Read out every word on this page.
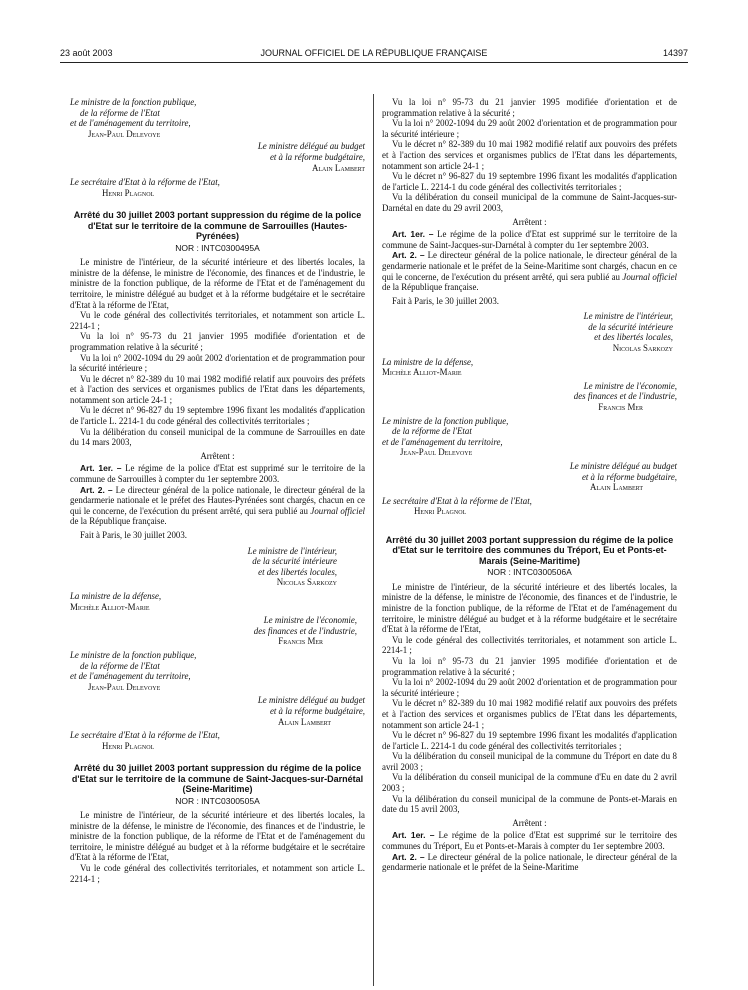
23 août 2003	JOURNAL OFFICIEL DE LA RÉPUBLIQUE FRANÇAISE	14397
Le ministre de la fonction publique,
de la réforme de l'Etat
et de l'aménagement du territoire,
Jean-Paul Delevoye
Le ministre délégué au budget
et à la réforme budgétaire,
Alain Lambert
Le secrétaire d'Etat à la réforme de l'Etat,
Henri Plagnol
Arrêté du 30 juillet 2003 portant suppression du régime de la police d'Etat sur le territoire de la commune de Sarrouilles (Hautes-Pyrénées)
NOR : INTC0300495A

Le ministre de l'intérieur, de la sécurité intérieure et des libertés locales, la ministre de la défense, le ministre de l'économie, des finances et de l'industrie, le ministre de la fonction publique, de la réforme de l'Etat et de l'aménagement du territoire, le ministre délégué au budget et à la réforme budgétaire et le secrétaire d'Etat à la réforme de l'Etat,

Vu le code général des collectivités territoriales, et notamment son article L. 2214-1 ;

Vu la loi n° 95-73 du 21 janvier 1995 modifiée d'orientation et de programmation relative à la sécurité ;

Vu la loi n° 2002-1094 du 29 août 2002 d'orientation et de programmation pour la sécurité intérieure ;

Vu le décret n° 82-389 du 10 mai 1982 modifié relatif aux pouvoirs des préfets et à l'action des services et organismes publics de l'Etat dans les départements, notamment son article 24-1 ;

Vu le décret n° 96-827 du 19 septembre 1996 fixant les modalités d'application de l'article L. 2214-1 du code général des collectivités territoriales ;

Vu la délibération du conseil municipal de la commune de Sarrouilles en date du 14 mars 2003,

Arrêtent :

Art. 1er. – Le régime de la police d'Etat est supprimé sur le territoire de la commune de Sarrouilles à compter du 1er septembre 2003.

Art. 2. – Le directeur général de la police nationale, le directeur général de la gendarmerie nationale et le préfet des Hautes-Pyrénées sont chargés, chacun en ce qui le concerne, de l'exécution du présent arrêté, qui sera publié au Journal officiel de la République française.

Fait à Paris, le 30 juillet 2003.

Le ministre de l'intérieur,
de la sécurité intérieure
et des libertés locales,
Nicolas Sarkozy
La ministre de la défense,
Michèle Alliot-Marie
Le ministre de l'économie,
des finances et de l'industrie,
Francis Mer
Le ministre de la fonction publique,
de la réforme de l'Etat
et de l'aménagement du territoire,
Jean-Paul Delevoye
Le ministre délégué au budget
et à la réforme budgétaire,
Alain Lambert
Le secrétaire d'Etat à la réforme de l'Etat,
Henri Plagnol
Arrêté du 30 juillet 2003 portant suppression du régime de la police d'Etat sur le territoire de la commune de Saint-Jacques-sur-Darnétal (Seine-Maritime)
NOR : INTC0300505A

Le ministre de l'intérieur, de la sécurité intérieure et des libertés locales, la ministre de la défense, le ministre de l'économie, des finances et de l'industrie, le ministre de la fonction publique, de la réforme de l'Etat et de l'aménagement du territoire, le ministre délégué au budget et à la réforme budgétaire et le secrétaire d'Etat à la réforme de l'Etat,

Vu le code général des collectivités territoriales, et notamment son article L. 2214-1 ;

Vu la loi n° 95-73 du 21 janvier 1995 modifiée d'orientation et de programmation relative à la sécurité ;

Vu la loi n° 2002-1094 du 29 août 2002 d'orientation et de programmation pour la sécurité intérieure ;

Vu le décret n° 82-389 du 10 mai 1982 modifié relatif aux pouvoirs des préfets et à l'action des services et organismes publics de l'Etat dans les départements, notamment son article 24-1 ;

Vu le décret n° 96-827 du 19 septembre 1996 fixant les modalités d'application de l'article L. 2214-1 du code général des collectivités territoriales ;

Vu la délibération du conseil municipal de la commune de Saint-Jacques-sur-Darnétal en date du 29 avril 2003,

Arrêtent :

Art. 1er. – Le régime de la police d'Etat est supprimé sur le territoire de la commune de Saint-Jacques-sur-Darnétal à compter du 1er septembre 2003.

Art. 2. – Le directeur général de la police nationale, le directeur général de la gendarmerie nationale et le préfet de la Seine-Maritime sont chargés, chacun en ce qui le concerne, de l'exécution du présent arrêté, qui sera publié au Journal officiel de la République française.

Fait à Paris, le 30 juillet 2003.

Le ministre de l'intérieur,
de la sécurité intérieure
et des libertés locales,
Nicolas Sarkozy
La ministre de la défense,
Michèle Alliot-Marie
Le ministre de l'économie,
des finances et de l'industrie,
Francis Mer
Le ministre de la fonction publique,
de la réforme de l'Etat
et de l'aménagement du territoire,
Jean-Paul Delevoye
Le ministre délégué au budget
et à la réforme budgétaire,
Alain Lambert
Le secrétaire d'Etat à la réforme de l'Etat,
Henri Plagnol
Arrêté du 30 juillet 2003 portant suppression du régime de la police d'Etat sur le territoire des communes du Tréport, Eu et Ponts-et-Marais (Seine-Maritime)
NOR : INTC0300506A

Le ministre de l'intérieur, de la sécurité intérieure et des libertés locales, la ministre de la défense, le ministre de l'économie, des finances et de l'industrie, le ministre de la fonction publique, de la réforme de l'Etat et de l'aménagement du territoire, le ministre délégué au budget et à la réforme budgétaire et le secrétaire d'Etat à la réforme de l'Etat,

Vu le code général des collectivités territoriales, et notamment son article L. 2214-1 ;

Vu la loi n° 95-73 du 21 janvier 1995 modifiée d'orientation et de programmation relative à la sécurité ;

Vu la loi n° 2002-1094 du 29 août 2002 d'orientation et de programmation pour la sécurité intérieure ;

Vu le décret n° 82-389 du 10 mai 1982 modifié relatif aux pouvoirs des préfets et à l'action des services et organismes publics de l'Etat dans les départements, notamment son article 24-1 ;

Vu le décret n° 96-827 du 19 septembre 1996 fixant les modalités d'application de l'article L. 2214-1 du code général des collectivités territoriales ;

Vu la délibération du conseil municipal de la commune du Tréport en date du 8 avril 2003 ;

Vu la délibération du conseil municipal de la commune d'Eu en date du 2 avril 2003 ;

Vu la délibération du conseil municipal de la commune de Ponts-et-Marais en date du 15 avril 2003,

Arrêtent :

Art. 1er. – Le régime de la police d'Etat est supprimé sur le territoire des communes du Tréport, Eu et Ponts-et-Marais à compter du 1er septembre 2003.

Art. 2. – Le directeur général de la police nationale, le directeur général de la gendarmerie nationale et le préfet de la Seine-Maritime
